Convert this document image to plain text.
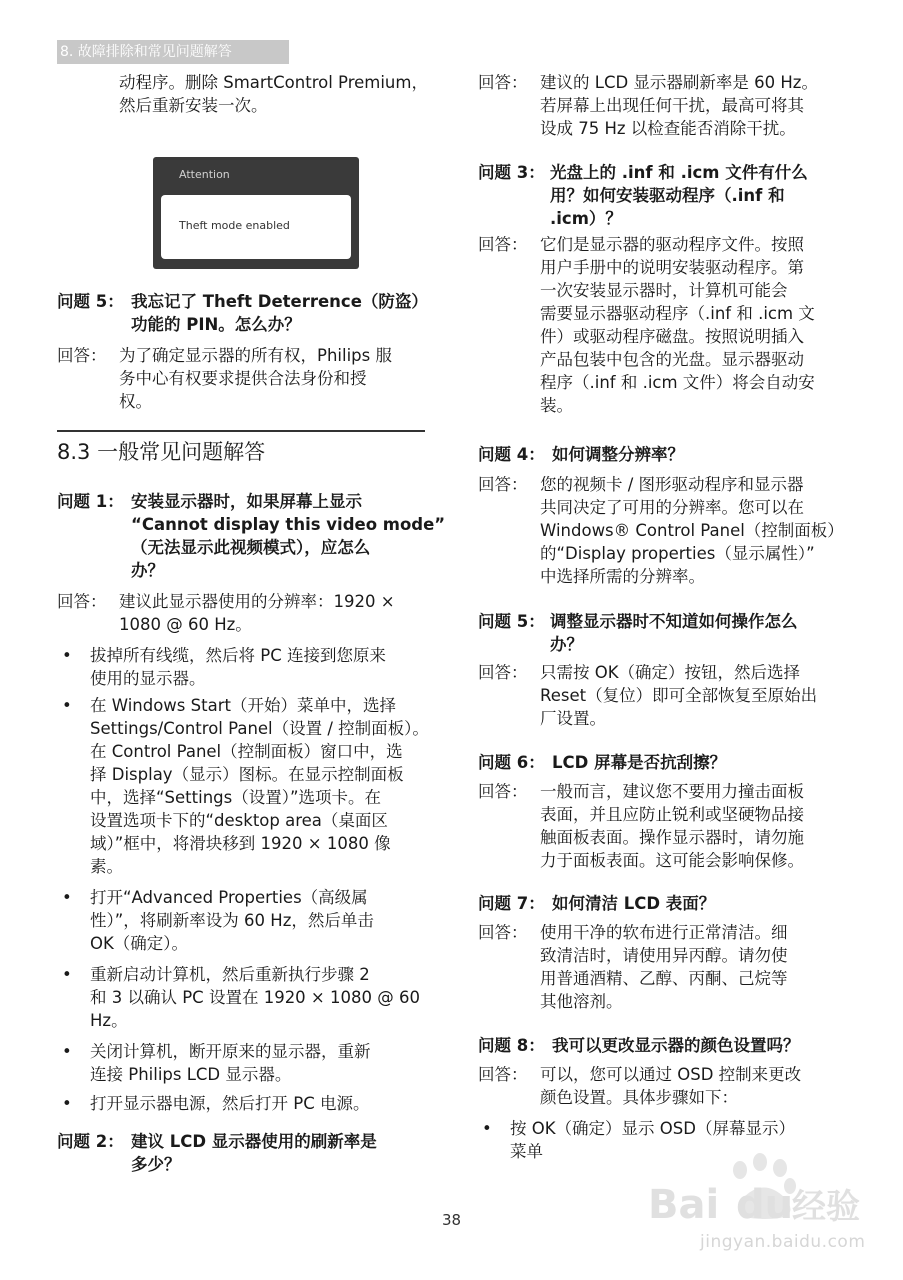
8. 故障排除和常见问题解答
动程序。删除 SmartControl Premium，
然后重新安装一次。
问题 5： 我忘记了 Theft Deterrence（防盗）
功能的 PIN。怎么办？
回答： 为了确定显示器的所有权，Philips 服
务中心有权要求提供合法身份和授
权。
问题 1： 安装显示器时，如果屏幕上显示
“Cannot display this video mode”
（无法显示此视频模式），应怎么
办？
回答： 建议此显示器使用的分辨率：1920 ×
1080 @ 60 Hz。
• 拔掉所有线缆，然后将 PC 连接到您原来
使用的显示器。
• 在 Windows Start（开始）菜单中，选择
Settings/Control Panel（设置 / 控制面板）。
在 Control Panel（控制面板）窗口中，选
择 Display（显示）图标。在显示控制面板
中，选择“Settings（设置）”选项卡。在
设置选项卡下的“desktop area（桌面区
域）”框中，将滑块移到 1920 × 1080 像
素。
• 打开“Advanced Properties（高级属
性）”，将刷新率设为 60 Hz，然后单击
OK（确定）。
• 重新启动计算机，然后重新执行步骤 2
和 3 以确认 PC 设置在 1920 × 1080 @ 60
Hz。
• 关闭计算机，断开原来的显示器，重新
连接 Philips LCD 显示器。
• 打开显示器电源，然后打开 PC 电源。
问题 2： 建议 LCD 显示器使用的刷新率是
多少？
回答： 建议的 LCD 显示器刷新率是 60 Hz。
若屏幕上出现任何干扰，最高可将其
设成 75 Hz 以检查能否消除干扰。
问题 3： 光盘上的 .inf 和 .icm 文件有什么
用？如何安装驱动程序（.inf 和
.icm）？
回答： 它们是显示器的驱动程序文件。按照
用户手册中的说明安装驱动程序。第
一次安装显示器时，计算机可能会
需要显示器驱动程序（.inf 和 .icm 文
件）或驱动程序磁盘。按照说明插入
产品包装中包含的光盘。显示器驱动
程序（.inf 和 .icm 文件）将会自动安
装。
问题 4： 如何调整分辨率？
回答： 您的视频卡 / 图形驱动程序和显示器
共同决定了可用的分辨率。您可以在
Windows® Control Panel（控制面板）
的“Display properties（显示属性）”
中选择所需的分辨率。
问题 5： 调整显示器时不知道如何操作怎么
办？
回答： 只需按 OK（确定）按钮，然后选择
Reset（复位）即可全部恢复至原始出
厂设置。
问题 6： LCD 屏幕是否抗刮擦？
回答： 一般而言，建议您不要用力撞击面板
表面，并且应防止锐利或坚硬物品接
触面板表面。操作显示器时，请勿施
力于面板表面。这可能会影响保修。
问题 7： 如何清洁 LCD 表面？
回答： 使用干净的软布进行正常清洁。细
致清洁时，请使用异丙醇。请勿使
用普通酒精、乙醇、丙酮、己烷等
其他溶剂。
问题 8： 我可以更改显示器的颜色设置吗？
回答： 可以，您可以通过 OSD 控制来更改
颜色设置。具体步骤如下：
• 按 OK（确定）显示 OSD（屏幕显示）
菜单
Attention
Theft mode enabled
8.3 一般常见问题解答
38	Bai du
经验
jingyan.baidu.com
